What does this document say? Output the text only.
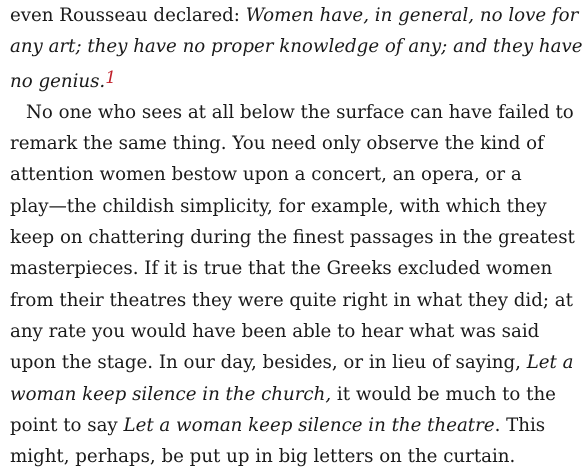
even Rousseau declared: Women have, in general, no love for
any art; they have no proper knowledge of any; and they have
no genius.1
No one who sees at all below the surface can have failed to
remark the same thing. You need only observe the kind of
attention women bestow upon a concert, an opera, or a
play—the childish simplicity, for example, with which they
keep on chattering during the finest passages in the greatest
masterpieces. If it is true that the Greeks excluded women
from their theatres they were quite right in what they did; at
any rate you would have been able to hear what was said
upon the stage. In our day, besides, or in lieu of saying, Let a
woman keep silence in the church, it would be much to the
point to say Let a woman keep silence in the theatre. This
might, perhaps, be put up in big letters on the curtain.
